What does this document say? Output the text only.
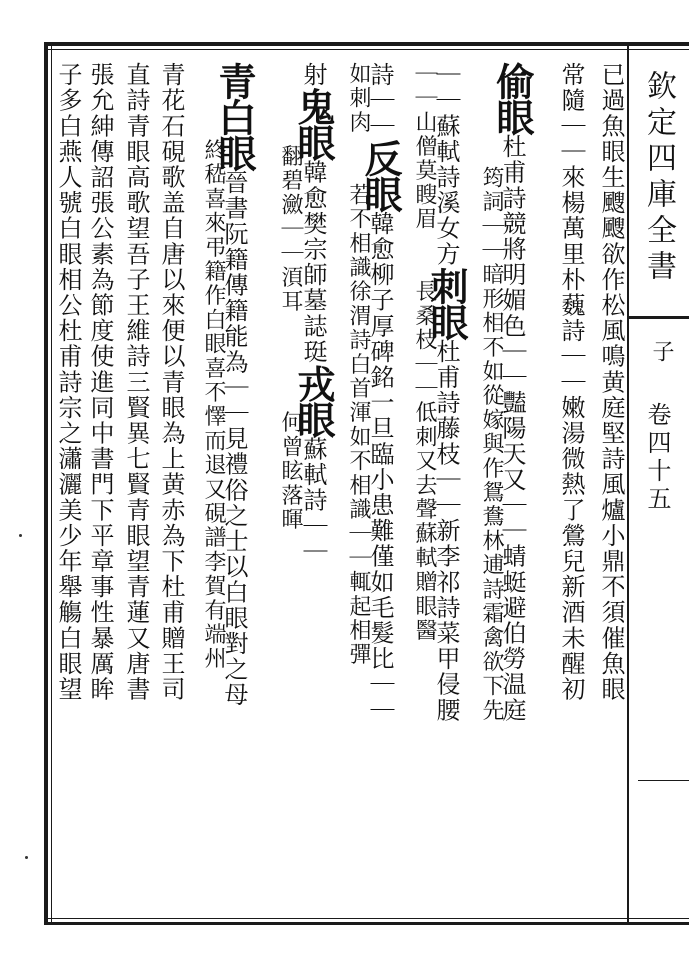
欽定四庫全書
子
卷四十五
已過魚眼生颼颼欲作松風鳴黄庭堅詩風爐小鼎不須催魚眼
常隨｜｜來楊萬里朴蘶詩｜｜嫩湯微熱了鶯兒新酒未醒初
偷眼杜甫詩競將明媚色｜｜豔陽天又｜｜蜻蜓避伯勞温庭
筠詞｜｜暗形相不如從嫁與作鴛鴦林逋詩霜禽欲下先
｜｜蘇軾詩溪女方刺眼杜甫詩藤枝｜｜新李祁詩菜甲侵腰
｜｜山僧莫瞍眉　　長桑枝｜｜低刺又去聲蘇軾贈眼醫
詩｜｜反眼韓愈柳子厚碑銘一旦臨小患難僅如毛髮比｜｜
如刺肉　　若不相識徐渭詩白首渾如不相識｜｜輒起相彈
射鬼眼韓愈樊宗師墓誌珽戎眼蘇軾詩｜｜
　　　翻碧瀲｜｜湏耳　　　　何曾眩落暉
青白眼晉書阮籍傳籍能為｜｜見禮俗之士以白眼對之母
　　　終嵇喜來弔籍作白眼喜不懌而退又硯譜李賀有端州
青花石硯歌盖自唐以來便以青眼為上黄赤為下杜甫贈王司
直詩青眼高歌望吾子王維詩三賢異七賢青眼望青蓮又唐書
張允紳傳詔張公素為節度使進同中書門下平章事性暴厲眸
子多白燕人號白眼相公杜甫詩宗之瀟灑美少年舉觴白眼望
